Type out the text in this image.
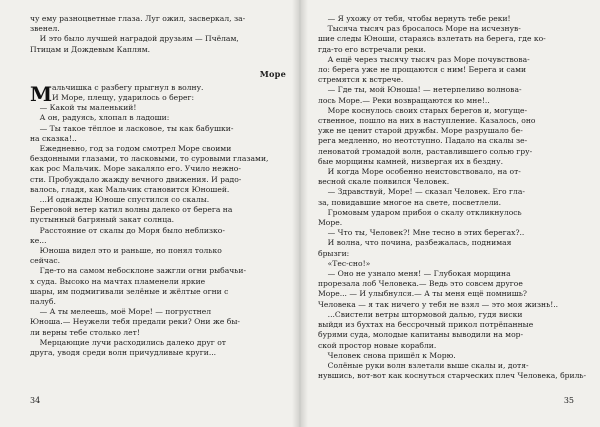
чу ему разноцветные глаза. Луг ожил, засверкал, за-
звенел.
И это было лучшей наградой друзьям — Пчёлам,
Птицам и Дождевым Каплям.

Море
М альчишка с разбегу прыгнул в волну.

И Море, плещу, ударилось о берег:

— Какой ты маленький!
А он, радуясь, хлопал в ладоши:
— Ты такое тёплое и ласковое, ты как бабушки-
на сказка!..
Ежедневно, год за годом смотрел Море своими
бездонными глазами, то ласковыми, то суровыми глазами,
как рос Мальчик. Море закаляло его. Учило нежно-
сти. Пробуждало жажду вечного движения. И радо-
валось, гладя, как Мальчик становится Юношей.
...И однажды Юноше спустился со скалы.
Береговой ветер катил волны далеко от берега на
пустынный багряный закат солнца.
Расстояние от скалы до Моря было неблизко-
ке...
Юноша видел это и раньше, но понял только
сейчас.
Где-то на самом небосклоне зажгли огни рыбачьи-
х суда. Высоко на мачтах пламенели яркие
шары, им подмигивали зелёные и жёлтые огни с
палуб.
— А ты мелеешь, моё Море! — погрустнел
Юноша.— Неужели тебя предали реки? Они же бы-
ли верны тебе столько лет!
Мерцающие лучи расходились далеко друг от
друга, уводя среди волн причудливые круги...

34

— Я ухожу от тебя, чтобы вернуть тебе реки!
Тысяча тысяч раз бросалось Море на исчезнув-
шие следы Юноши, стараясь взлетать на берега, где ко-
гда-то его встречали реки.
А ещё через тысячу тысяч раз Море почувствова-
ло: берега уже не прощаются с ним! Берега и сами
стремятся к встрече.
— Где ты, мой Юноша! — нетерпеливо волнова-
лось Море.— Реки возвращаются ко мне!..
Море коснулось своих старых берегов и, могуще-
ственное, пошло на них в наступление. Казалось, оно
уже не ценит старой дружбы. Море разрушало бе-
рега медленно, но неотступно. Падало на скалы зе-
леноватой громадой волн, раставлившего солью гру-
бые морщины камней, низвергая их в бездну.
И когда Море особенно неистовствовало, на от-
весной скале появился Человек.
— Здравствуй, Море! — сказал Человек. Его гла-
за, повидавшие многое на свете, посветлели.
Громовым ударом прибоя о скалу откликнулось
Море.
— Что ты, Человек?! Мне тесно в этих берегах?..
И волна, что почина, разбежалась, поднимая
брызги:
«Тес-сно!»
— Оно не узнало меня! — Глубокая морщина
прорезала лоб Человека.— Ведь это совсем другое
Море... — И улыбнулся.— А ты меня ещё помнишь?
Человека — я так ничего у тебя не взял — это моя жизнь!..
...Свистели ветры штормовой далью, гудя виски
выйдя из бухтах на бессрочный прикол потрёпанные
бурями суда, молодые капитаны выводили на мор-
ской простор новые корабли.
Человек снова пришёл к Морю.
Солёные руки волн взлетали выше скалы и, дотя-
нувшись, вот-вот как коснуться старческих плеч Человека, бриль-

35
